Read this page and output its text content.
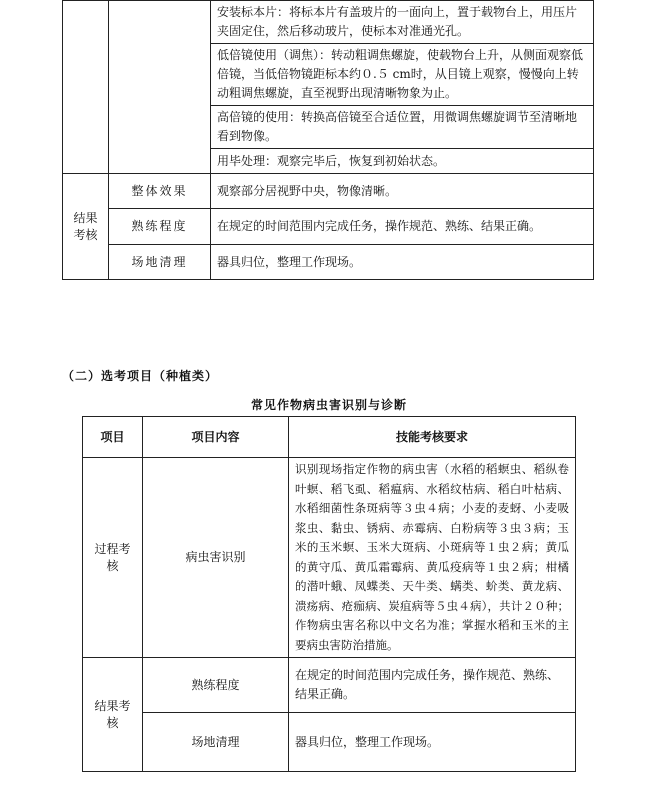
		安装标本片：将标本片有盖玻片的一面向上，置于载物台上，用压片夹固定住，然后移动玻片，使标本对准通光孔。
		低倍镜使用（调焦）：转动粗调焦螺旋，使载物台上升，从侧面观察低倍镜，当低倍物镜距标本约０.５ cm时，从目镜上观察，慢慢向上转动粗调焦螺旋，直至视野出现清晰物象为止。
		高倍镜的使用：转换高倍镜至合适位置，用微调焦螺旋调节至清晰地看到物像。
		用毕处理：观察完毕后，恢复到初始状态。
结果考核	整体效果	观察部分居视野中央，物像清晰。
	熟练程度	在规定的时间范围内完成任务，操作规范、熟练、结果正确。
	场地清理	器具归位，整理工作现场。
（二）选考项目（种植类）
常见作物病虫害识别与诊断
项目	项目内容	技能考核要求
过程考核	病虫害识别	识别现场指定作物的病虫害（水稻的稻螟虫、稻纵卷叶螟、稻飞虱、稻瘟病、水稻纹枯病、稻白叶枯病、水稻细菌性条斑病等３虫４病；小麦的麦蚜、小麦吸浆虫、黏虫、锈病、赤霉病、白粉病等３虫３病；玉米的玉米螟、玉米大斑病、小斑病等１虫２病；黄瓜的黄守瓜、黄瓜霜霉病、黄瓜疫病等１虫２病；柑橘的潜叶蛾、凤蝶类、天牛类、螨类、蚧类、黄龙病、溃疡病、疮痂病、炭疽病等５虫４病），共计２０种；作物病虫害名称以中文名为准；掌握水稻和玉米的主要病虫害防治措施。
结果考核	熟练程度	在规定的时间范围内完成任务，操作规范、熟练、结果正确。
	场地清理	器具归位，整理工作现场。
